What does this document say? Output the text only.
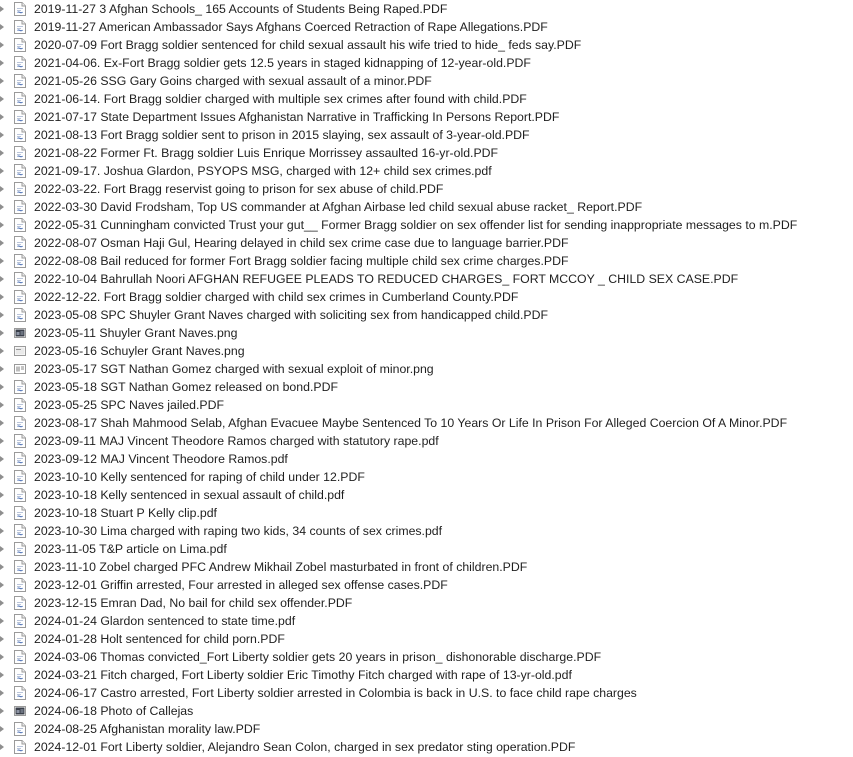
2019-11-27 3 Afghan Schools_ 165 Accounts of Students Being Raped.PDF
2019-11-27 American Ambassador Says Afghans Coerced Retraction of Rape Allegations.PDF
2020-07-09 Fort Bragg soldier sentenced for child sexual assault his wife tried to hide_ feds say.PDF
2021-04-06. Ex-Fort Bragg soldier gets 12.5 years in staged kidnapping of 12-year-old.PDF
2021-05-26 SSG Gary Goins charged with sexual assault of a minor.PDF
2021-06-14. Fort Bragg soldier charged with multiple sex crimes after found with child.PDF
2021-07-17 State Department Issues Afghanistan Narrative in Trafficking In Persons Report.PDF
2021-08-13 Fort Bragg soldier sent to prison in 2015 slaying, sex assault of 3-year-old.PDF
2021-08-22 Former Ft. Bragg soldier Luis Enrique Morrissey assaulted 16-yr-old.PDF
2021-09-17. Joshua Glardon, PSYOPS MSG, charged with 12+ child sex crimes.pdf
2022-03-22. Fort Bragg reservist going to prison for sex abuse of child.PDF
2022-03-30 David Frodsham, Top US commander at Afghan Airbase led child sexual abuse racket_ Report.PDF
2022-05-31 Cunningham convicted Trust your gut__ Former Bragg soldier on sex offender list for sending inappropriate messages to m.PDF
2022-08-07 Osman Haji Gul, Hearing delayed in child sex crime case due to language barrier.PDF
2022-08-08 Bail reduced for former Fort Bragg soldier facing multiple child sex crime charges.PDF
2022-10-04 Bahrullah Noori AFGHAN REFUGEE PLEADS TO REDUCED CHARGES_ FORT MCCOY _ CHILD SEX CASE.PDF
2022-12-22. Fort Bragg soldier charged with child sex crimes in Cumberland County.PDF
2023-05-08 SPC Shuyler Grant Naves charged with soliciting sex from handicapped child.PDF
2023-05-11 Shuyler Grant Naves.png
2023-05-16 Schuyler Grant Naves.png
2023-05-17 SGT Nathan Gomez charged with sexual exploit of minor.png
2023-05-18 SGT Nathan Gomez released on bond.PDF
2023-05-25 SPC Naves jailed.PDF
2023-08-17 Shah Mahmood Selab, Afghan Evacuee Maybe Sentenced To 10 Years Or Life In Prison For Alleged Coercion Of A Minor.PDF
2023-09-11 MAJ Vincent Theodore Ramos charged with statutory rape.pdf
2023-09-12 MAJ Vincent Theodore Ramos.pdf
2023-10-10 Kelly sentenced for raping of child under 12.PDF
2023-10-18 Kelly sentenced in sexual assault of child.pdf
2023-10-18 Stuart P Kelly clip.pdf
2023-10-30 Lima charged with raping two kids, 34 counts of sex crimes.pdf
2023-11-05 T&P article on Lima.pdf
2023-11-10 Zobel charged PFC Andrew Mikhail Zobel masturbated in front of children.PDF
2023-12-01 Griffin arrested, Four arrested in alleged sex offense cases.PDF
2023-12-15 Emran Dad, No bail for child sex offender.PDF
2024-01-24 Glardon sentenced to state time.pdf
2024-01-28 Holt sentenced for child porn.PDF
2024-03-06 Thomas convicted_Fort Liberty soldier gets 20 years in prison_ dishonorable discharge.PDF
2024-03-21 Fitch charged, Fort Liberty soldier Eric Timothy Fitch charged with rape of 13-yr-old.pdf
2024-06-17 Castro arrested, Fort Liberty soldier arrested in Colombia is back in U.S. to face child rape charges
2024-06-18 Photo of Callejas
2024-08-25 Afghanistan morality law.PDF
2024-12-01 Fort Liberty soldier, Alejandro Sean Colon, charged in sex predator sting operation.PDF
